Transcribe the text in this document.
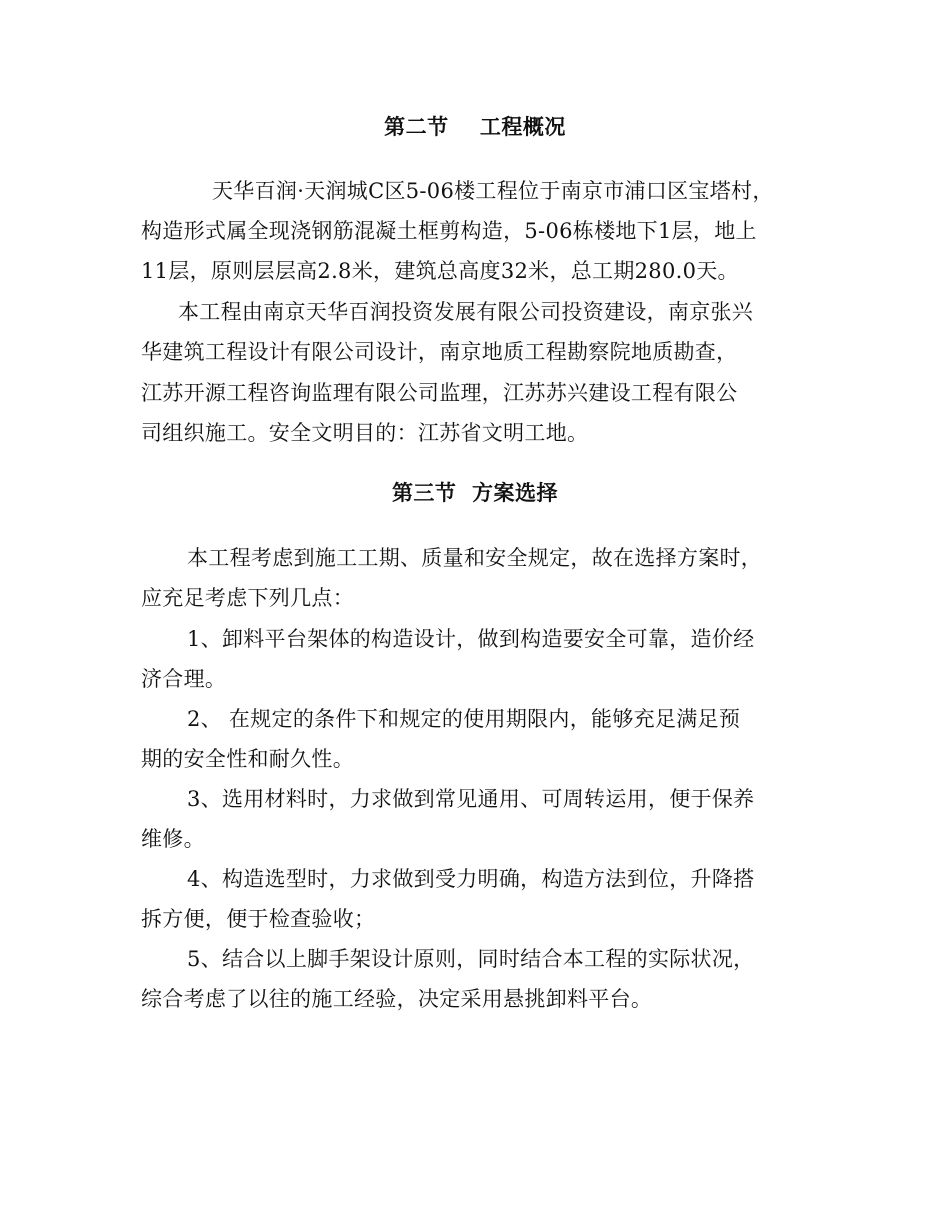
第二节    工程概况
天华百润·天润城C区5-06楼工程位于南京市浦口区宝塔村，
构造形式属全现浇钢筋混凝土框剪构造，5-06栋楼地下1层，地上
11层，原则层层高2.8米，建筑总高度32米，总工期280.0天。
本工程由南京天华百润投资发展有限公司投资建设，南京张兴
华建筑工程设计有限公司设计，南京地质工程勘察院地质勘查，
江苏开源工程咨询监理有限公司监理，江苏苏兴建设工程有限公
司组织施工。安全文明目的：江苏省文明工地。
第三节  方案选择
本工程考虑到施工工期、质量和安全规定，故在选择方案时，
应充足考虑下列几点：
1、卸料平台架体的构造设计，做到构造要安全可靠，造价经
济合理。
2、 在规定的条件下和规定的使用期限内，能够充足满足预
期的安全性和耐久性。
3、选用材料时，力求做到常见通用、可周转运用，便于保养
维修。
4、构造选型时，力求做到受力明确，构造方法到位，升降搭
拆方便，便于检查验收；
5、结合以上脚手架设计原则，同时结合本工程的实际状况，
综合考虑了以往的施工经验，决定采用悬挑卸料平台。
